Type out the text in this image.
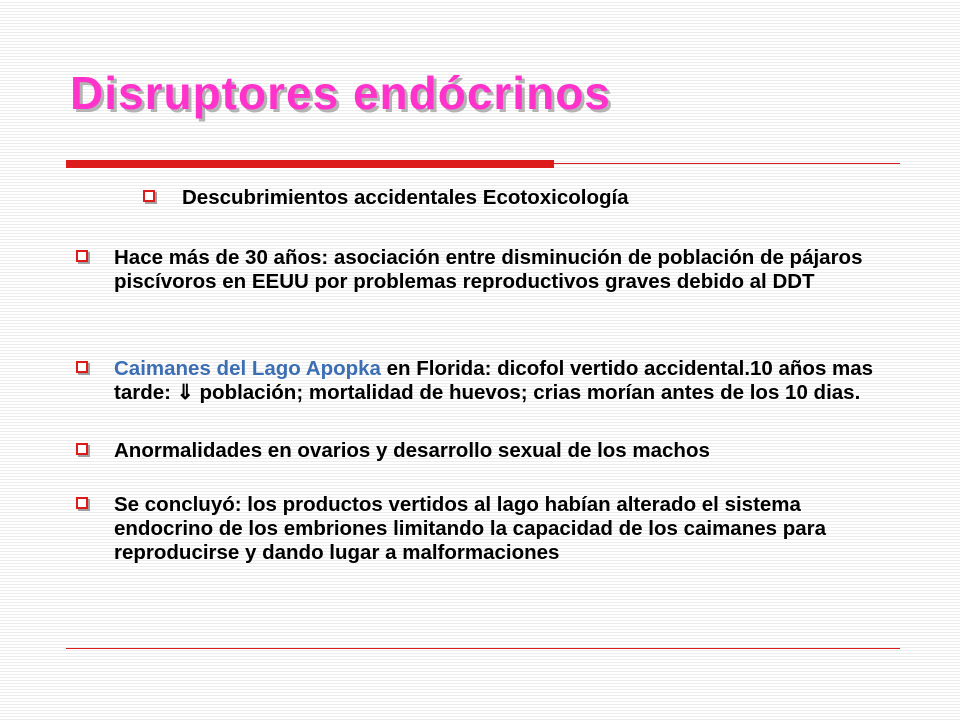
Disruptores endócrinos
Descubrimientos accidentales Ecotoxicología
Hace más de 30 años: asociación entre disminución de población de pájaros piscívoros en EEUU por problemas reproductivos graves debido al DDT
Caimanes del Lago Apopka en Florida: dicofol vertido accidental.10 años mas tarde: ⇓ población; mortalidad de huevos; crias morían antes de los 10 dias.
Anormalidades en ovarios y desarrollo sexual de los machos
Se concluyó: los productos vertidos al lago habían alterado el sistema endocrino de los embriones limitando la capacidad de los caimanes para reproducirse y dando lugar a malformaciones
